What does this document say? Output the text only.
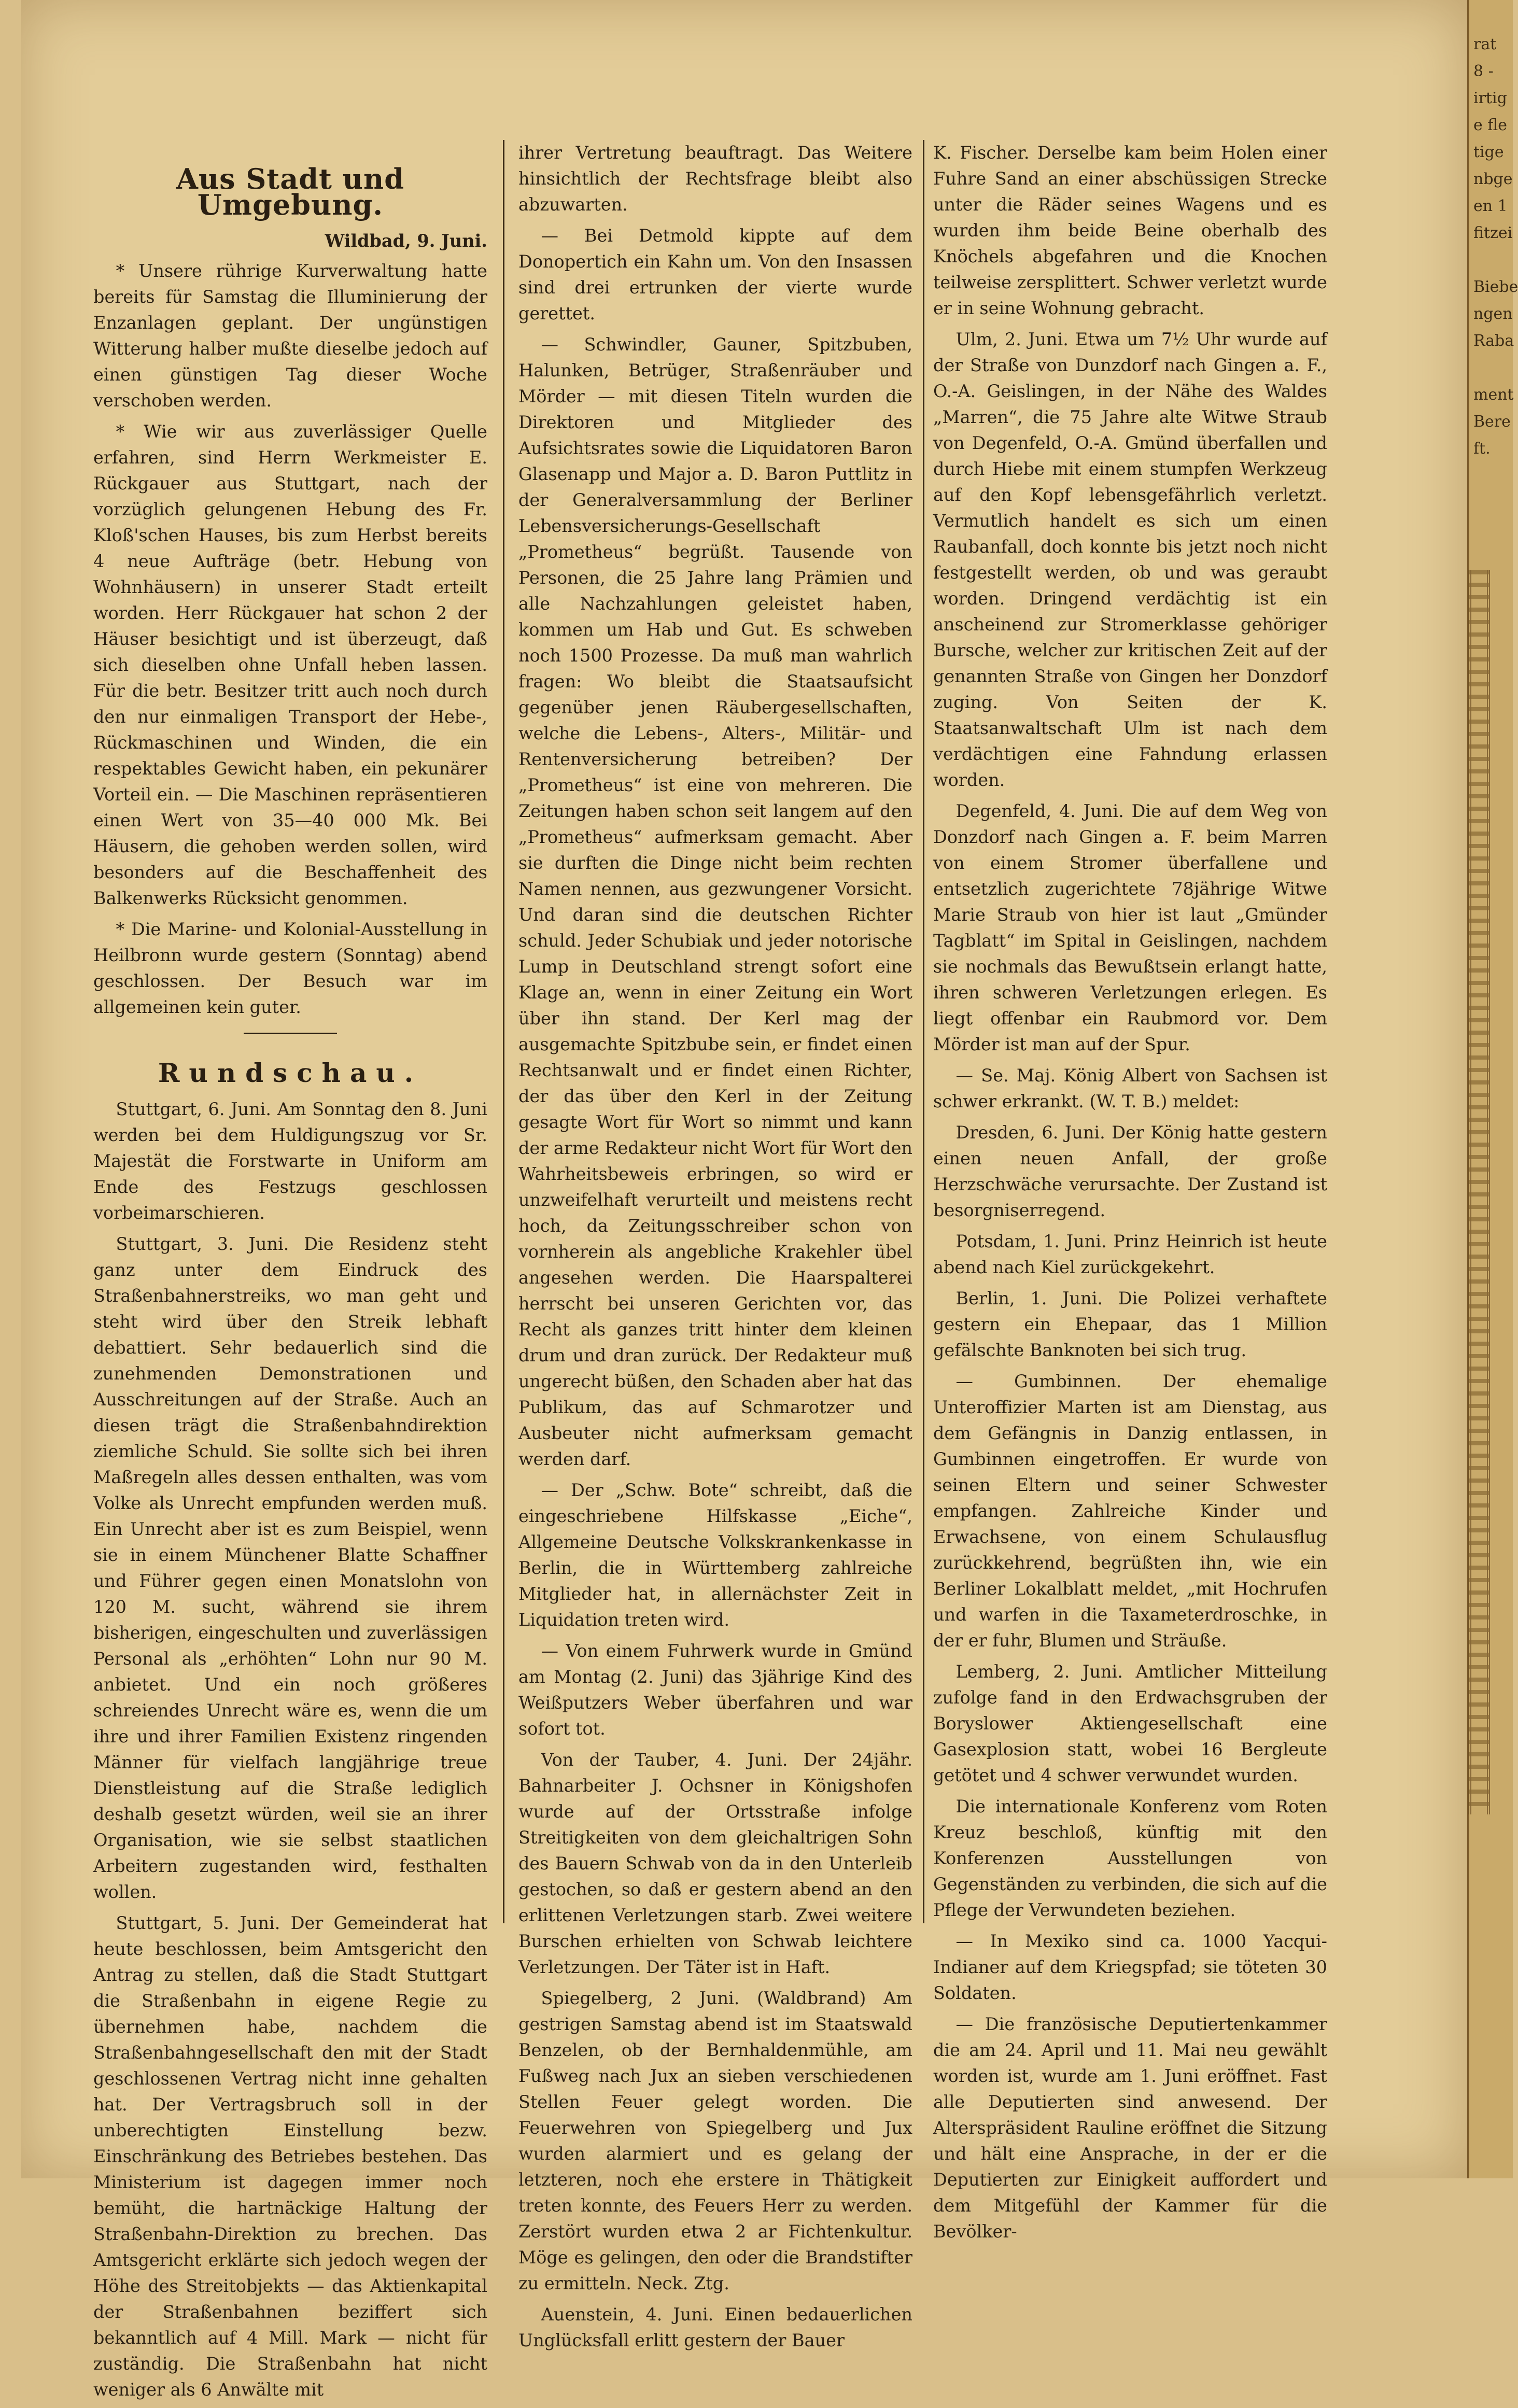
rat
8 -
irtig
e fle
tige
nbge
en 1
fitzei

Biebe
ngen
Raba

ment
Bere
ft.
Aus Stadt und Umgebung.
Wildbad, 9. Juni.

* Unsere rührige Kurverwaltung hatte bereits für Samstag die Illuminierung der Enzanlagen geplant. Der ungünstigen Witterung halber mußte dieselbe jedoch auf einen günstigen Tag dieser Woche verschoben werden.

* Wie wir aus zuverlässiger Quelle erfahren, sind Herrn Werkmeister E. Rückgauer aus Stuttgart, nach der vorzüglich gelungenen Hebung des Fr. Kloß'schen Hauses, bis zum Herbst bereits 4 neue Aufträge (betr. Hebung von Wohnhäusern) in unserer Stadt erteilt worden. Herr Rückgauer hat schon 2 der Häuser besichtigt und ist überzeugt, daß sich dieselben ohne Unfall heben lassen. Für die betr. Besitzer tritt auch noch durch den nur einmaligen Transport der Hebe-, Rückmaschinen und Winden, die ein respektables Gewicht haben, ein pekunärer Vorteil ein. — Die Maschinen repräsentieren einen Wert von 35—40 000 Mk. Bei Häusern, die gehoben werden sollen, wird besonders auf die Beschaffenheit des Balkenwerks Rücksicht genommen.

* Die Marine- und Kolonial-Ausstellung in Heilbronn wurde gestern (Sonntag) abend geschlossen. Der Besuch war im allgemeinen kein guter.

Rundschau.

Stuttgart, 6. Juni. Am Sonntag den 8. Juni werden bei dem Huldigungszug vor Sr. Majestät die Forstwarte in Uniform am Ende des Festzugs geschlossen vorbeimarschieren.

Stuttgart, 3. Juni. Die Residenz steht ganz unter dem Eindruck des Straßenbahnerstreiks, wo man geht und steht wird über den Streik lebhaft debattiert. Sehr bedauerlich sind die zunehmenden Demonstrationen und Ausschreitungen auf der Straße. Auch an diesen trägt die Straßenbahndirektion ziemliche Schuld. Sie sollte sich bei ihren Maßregeln alles dessen enthalten, was vom Volke als Unrecht empfunden werden muß. Ein Unrecht aber ist es zum Beispiel, wenn sie in einem Münchener Blatte Schaffner und Führer gegen einen Monatslohn von 120 M. sucht, während sie ihrem bisherigen, eingeschulten und zuverlässigen Personal als „erhöhten“ Lohn nur 90 M. anbietet. Und ein noch größeres schreiendes Unrecht wäre es, wenn die um ihre und ihrer Familien Existenz ringenden Männer für vielfach langjährige treue Dienstleistung auf die Straße lediglich deshalb gesetzt würden, weil sie an ihrer Organisation, wie sie selbst staatlichen Arbeitern zugestanden wird, festhalten wollen.

Stuttgart, 5. Juni. Der Gemeinderat hat heute beschlossen, beim Amtsgericht den Antrag zu stellen, daß die Stadt Stuttgart die Straßenbahn in eigene Regie zu übernehmen habe, nachdem die Straßenbahngesellschaft den mit der Stadt geschlossenen Vertrag nicht inne gehalten hat. Der Vertragsbruch soll in der unberechtigten Einstellung bezw. Einschränkung des Betriebes bestehen. Das Ministerium ist dagegen immer noch bemüht, die hartnäckige Haltung der Straßenbahn-Direktion zu brechen. Das Amtsgericht erklärte sich jedoch wegen der Höhe des Streitobjekts — das Aktienkapital der Straßenbahnen beziffert sich bekanntlich auf 4 Mill. Mark — nicht für zuständig. Die Straßenbahn hat nicht weniger als 6 Anwälte mit

ihrer Vertretung beauftragt. Das Weitere hinsichtlich der Rechtsfrage bleibt also abzuwarten.

— Bei Detmold kippte auf dem Donopertich ein Kahn um. Von den Insassen sind drei ertrunken der vierte wurde gerettet.

— Schwindler, Gauner, Spitzbuben, Halunken, Betrüger, Straßenräuber und Mörder — mit diesen Titeln wurden die Direktoren und Mitglieder des Aufsichtsrates sowie die Liquidatoren Baron Glasenapp und Major a. D. Baron Puttlitz in der Generalversammlung der Berliner Lebensversicherungs-Gesellschaft „Prometheus“ begrüßt. Tausende von Personen, die 25 Jahre lang Prämien und alle Nachzahlungen geleistet haben, kommen um Hab und Gut. Es schweben noch 1500 Prozesse. Da muß man wahrlich fragen: Wo bleibt die Staatsaufsicht gegenüber jenen Räubergesellschaften, welche die Lebens-, Alters-, Militär- und Rentenversicherung betreiben? Der „Prometheus“ ist eine von mehreren. Die Zeitungen haben schon seit langem auf den „Prometheus“ aufmerksam gemacht. Aber sie durften die Dinge nicht beim rechten Namen nennen, aus gezwungener Vorsicht. Und daran sind die deutschen Richter schuld. Jeder Schubiak und jeder notorische Lump in Deutschland strengt sofort eine Klage an, wenn in einer Zeitung ein Wort über ihn stand. Der Kerl mag der ausgemachte Spitzbube sein, er findet einen Rechtsanwalt und er findet einen Richter, der das über den Kerl in der Zeitung gesagte Wort für Wort so nimmt und kann der arme Redakteur nicht Wort für Wort den Wahrheitsbeweis erbringen, so wird er unzweifelhaft verurteilt und meistens recht hoch, da Zeitungsschreiber schon von vornherein als angebliche Krakehler übel angesehen werden. Die Haarspalterei herrscht bei unseren Gerichten vor, das Recht als ganzes tritt hinter dem kleinen drum und dran zurück. Der Redakteur muß ungerecht büßen, den Schaden aber hat das Publikum, das auf Schmarotzer und Ausbeuter nicht aufmerksam gemacht werden darf.

— Der „Schw. Bote“ schreibt, daß die eingeschriebene Hilfskasse „Eiche“, Allgemeine Deutsche Volkskrankenkasse in Berlin, die in Württemberg zahlreiche Mitglieder hat, in allernächster Zeit in Liquidation treten wird.

— Von einem Fuhrwerk wurde in Gmünd am Montag (2. Juni) das 3jährige Kind des Weißputzers Weber überfahren und war sofort tot.

Von der Tauber, 4. Juni. Der 24jähr. Bahnarbeiter J. Ochsner in Königshofen wurde auf der Ortsstraße infolge Streitigkeiten von dem gleichaltrigen Sohn des Bauern Schwab von da in den Unterleib gestochen, so daß er gestern abend an den erlittenen Verletzungen starb. Zwei weitere Burschen erhielten von Schwab leichtere Verletzungen. Der Täter ist in Haft.

Spiegelberg, 2 Juni. (Waldbrand) Am gestrigen Samstag abend ist im Staatswald Benzelen, ob der Bernhaldenmühle, am Fußweg nach Jux an sieben verschiedenen Stellen Feuer gelegt worden. Die Feuerwehren von Spiegelberg und Jux wurden alarmiert und es gelang der letzteren, noch ehe erstere in Thätigkeit treten konnte, des Feuers Herr zu werden. Zerstört wurden etwa 2 ar Fichtenkultur. Möge es gelingen, den oder die Brandstifter zu ermitteln. Neck. Ztg.

Auenstein, 4. Juni. Einen bedauerlichen Unglücksfall erlitt gestern der Bauer

K. Fischer. Derselbe kam beim Holen einer Fuhre Sand an einer abschüssigen Strecke unter die Räder seines Wagens und es wurden ihm beide Beine oberhalb des Knöchels abgefahren und die Knochen teilweise zersplittert. Schwer verletzt wurde er in seine Wohnung gebracht.

Ulm, 2. Juni. Etwa um 7½ Uhr wurde auf der Straße von Dunzdorf nach Gingen a. F., O.-A. Geislingen, in der Nähe des Waldes „Marren“, die 75 Jahre alte Witwe Straub von Degenfeld, O.-A. Gmünd überfallen und durch Hiebe mit einem stumpfen Werkzeug auf den Kopf lebensgefährlich verletzt. Vermutlich handelt es sich um einen Raubanfall, doch konnte bis jetzt noch nicht festgestellt werden, ob und was geraubt worden. Dringend verdächtig ist ein anscheinend zur Stromerklasse gehöriger Bursche, welcher zur kritischen Zeit auf der genannten Straße von Gingen her Donzdorf zuging. Von Seiten der K. Staatsanwaltschaft Ulm ist nach dem verdächtigen eine Fahndung erlassen worden.

Degenfeld, 4. Juni. Die auf dem Weg von Donzdorf nach Gingen a. F. beim Marren von einem Stromer überfallene und entsetzlich zugerichtete 78jährige Witwe Marie Straub von hier ist laut „Gmünder Tagblatt“ im Spital in Geislingen, nachdem sie nochmals das Bewußtsein erlangt hatte, ihren schweren Verletzungen erlegen. Es liegt offenbar ein Raubmord vor. Dem Mörder ist man auf der Spur.

— Se. Maj. König Albert von Sachsen ist schwer erkrankt. (W. T. B.) meldet:

Dresden, 6. Juni. Der König hatte gestern einen neuen Anfall, der große Herzschwäche verursachte. Der Zustand ist besorgniserregend.

Potsdam, 1. Juni. Prinz Heinrich ist heute abend nach Kiel zurückgekehrt.

Berlin, 1. Juni. Die Polizei verhaftete gestern ein Ehepaar, das 1 Million gefälschte Banknoten bei sich trug.

— Gumbinnen. Der ehemalige Unteroffizier Marten ist am Dienstag, aus dem Gefängnis in Danzig entlassen, in Gumbinnen eingetroffen. Er wurde von seinen Eltern und seiner Schwester empfangen. Zahlreiche Kinder und Erwachsene, von einem Schulausflug zurückkehrend, begrüßten ihn, wie ein Berliner Lokalblatt meldet, „mit Hochrufen und warfen in die Taxameterdroschke, in der er fuhr, Blumen und Sträuße.

Lemberg, 2. Juni. Amtlicher Mitteilung zufolge fand in den Erdwachsgruben der Boryslower Aktiengesellschaft eine Gasexplosion statt, wobei 16 Bergleute getötet und 4 schwer verwundet wurden.

Die internationale Konferenz vom Roten Kreuz beschloß, künftig mit den Konferenzen Ausstellungen von Gegenständen zu verbinden, die sich auf die Pflege der Verwundeten beziehen.

— In Mexiko sind ca. 1000 Yacqui-Indianer auf dem Kriegspfad; sie töteten 30 Soldaten.

— Die französische Deputiertenkammer die am 24. April und 11. Mai neu gewählt worden ist, wurde am 1. Juni eröffnet. Fast alle Deputierten sind anwesend. Der Alterspräsident Rauline eröffnet die Sitzung und hält eine Ansprache, in der er die Deputierten zur Einigkeit auffordert und dem Mitgefühl der Kammer für die Bevölker-
